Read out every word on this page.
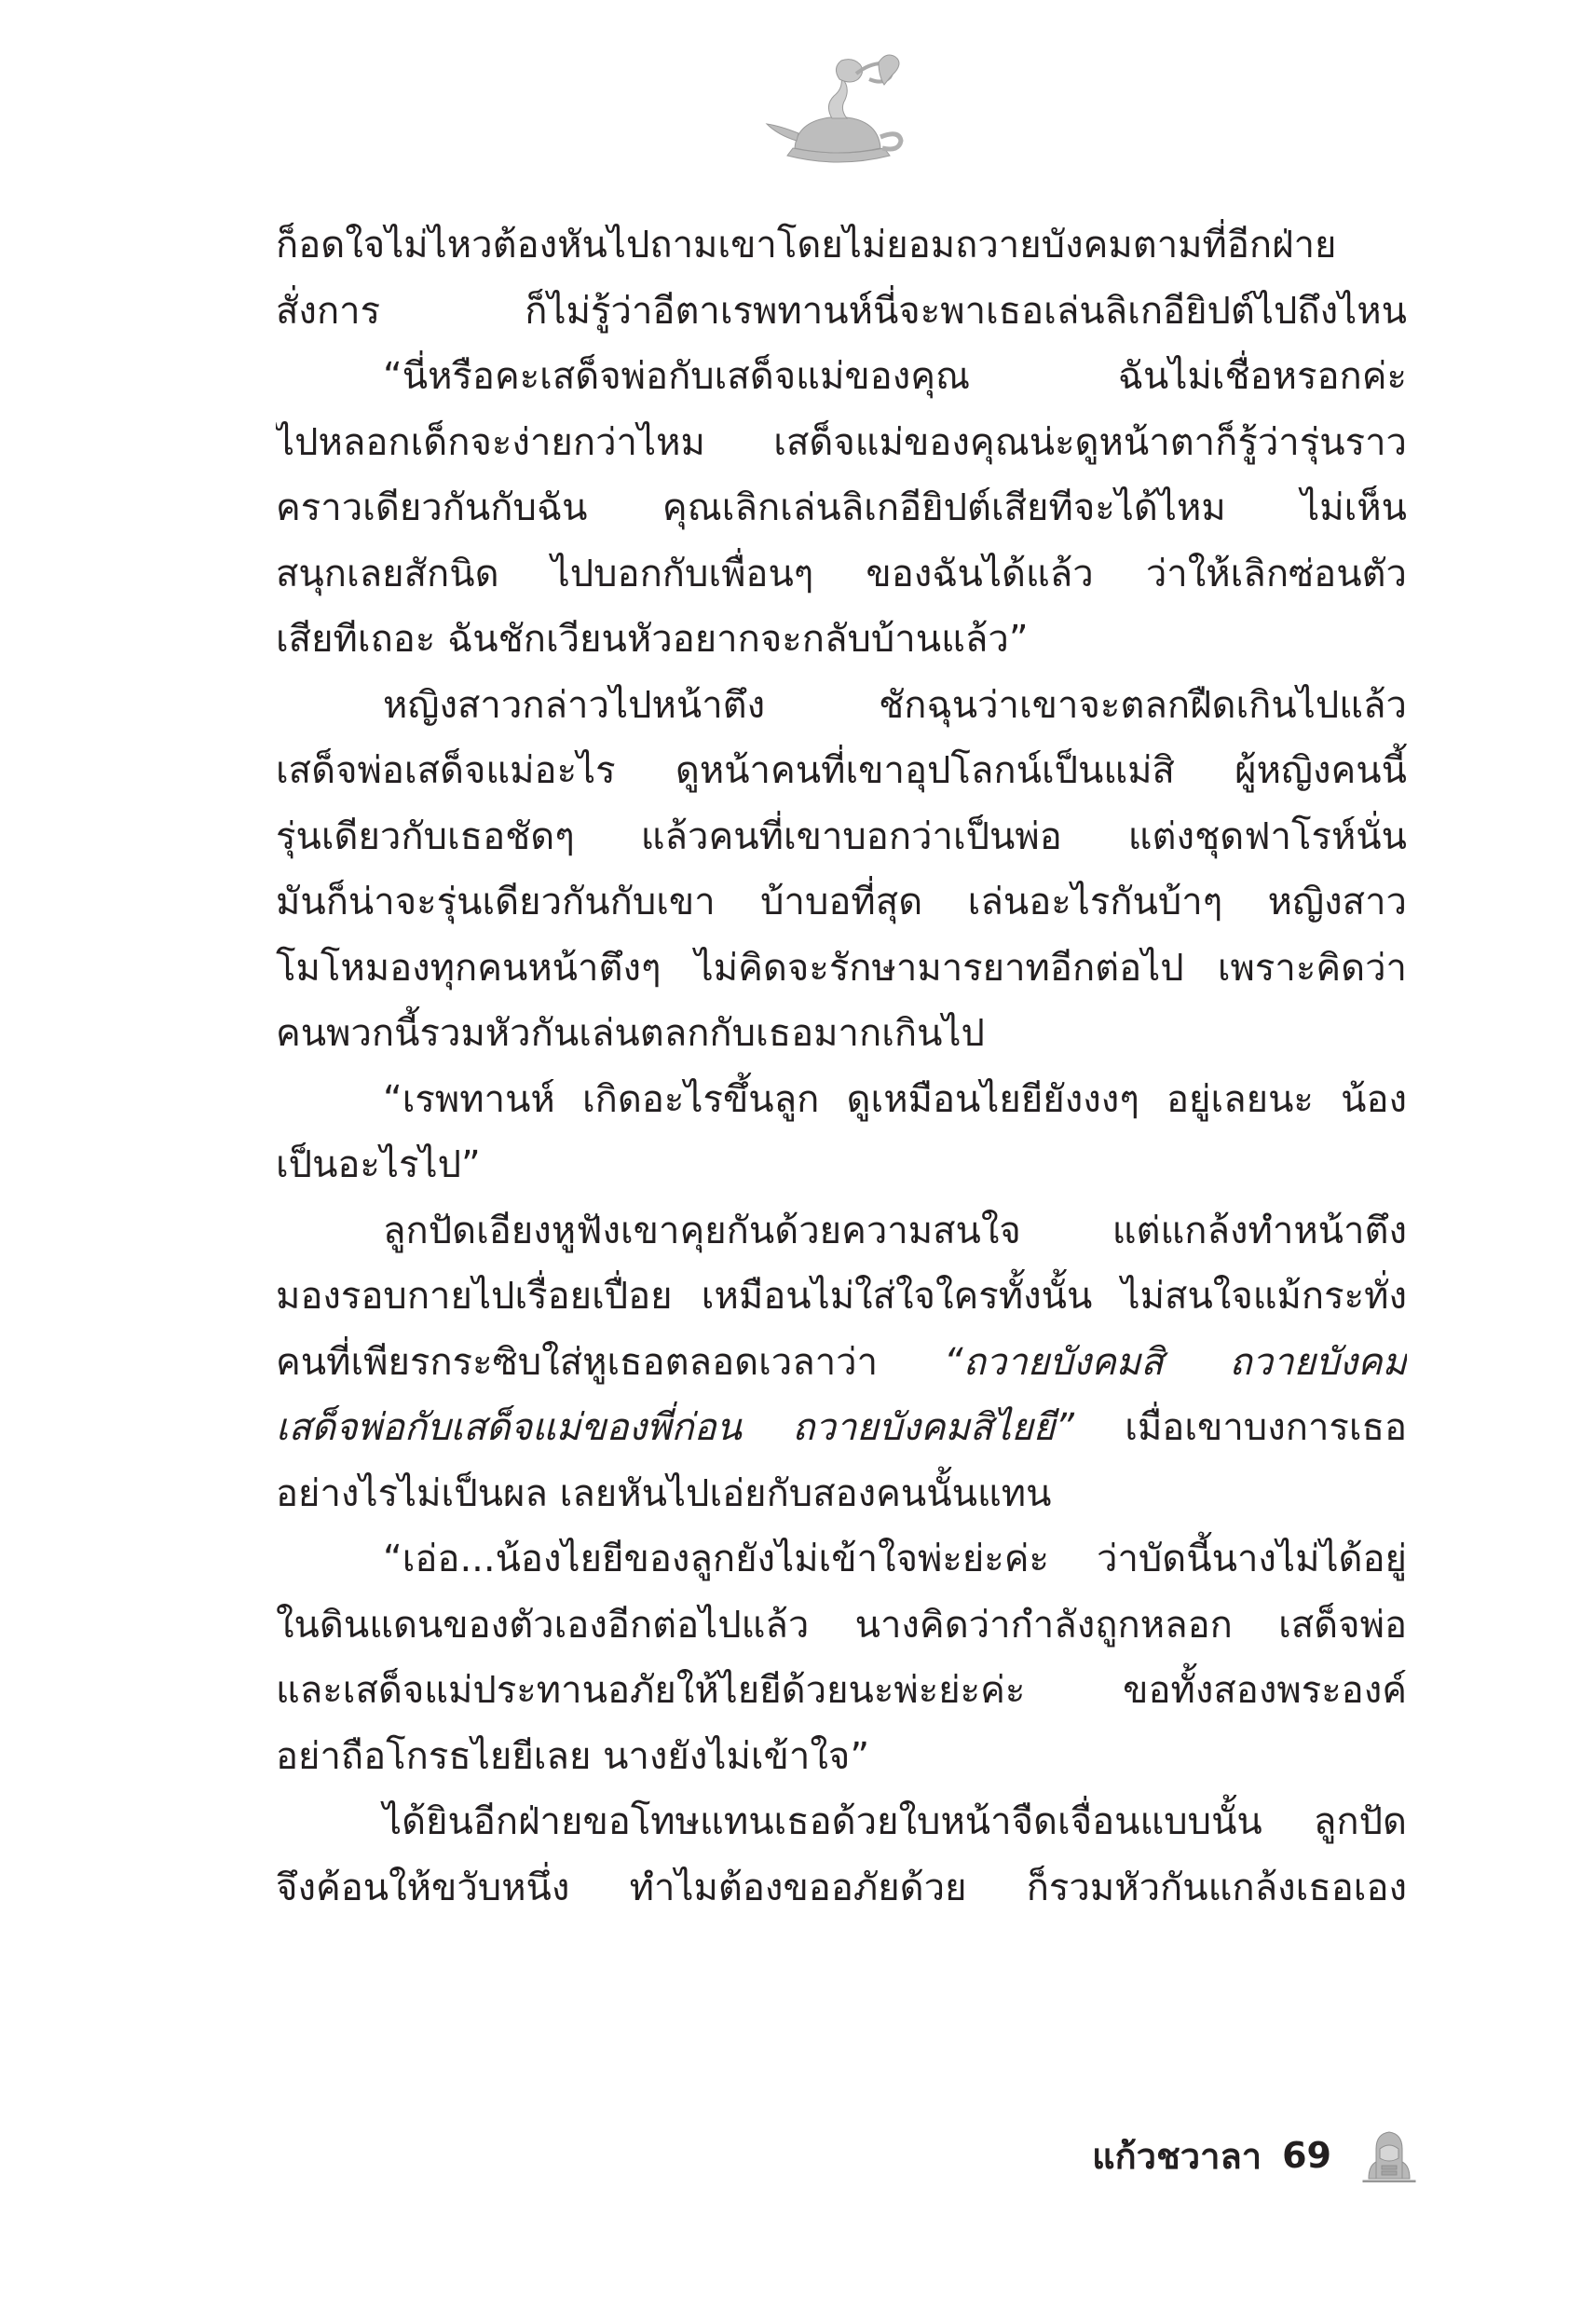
ก็อดใจไม่ไหวต้องหันไปถามเขาโดยไม่ยอมถวายบังคมตามที่อีกฝ่าย
สั่งการ ก็ไม่รู้ว่าอีตาเรพทานห์นี่จะพาเธอเล่นลิเกอียิปต์ไปถึงไหน
“นี่หรือคะเสด็จพ่อกับเสด็จแม่ของคุณ ฉันไม่เชื่อหรอกค่ะ
ไปหลอกเด็กจะง่ายกว่าไหม เสด็จแม่ของคุณน่ะดูหน้าตาก็รู้ว่ารุ่นราว
คราวเดียวกันกับฉัน คุณเลิกเล่นลิเกอียิปต์เสียทีจะได้ไหม ไม่เห็น
สนุกเลยสักนิด ไปบอกกับเพื่อนๆ ของฉันได้แล้ว ว่าให้เลิกซ่อนตัว
เสียทีเถอะ ฉันชักเวียนหัวอยากจะกลับบ้านแล้ว”
หญิงสาวกล่าวไปหน้าตึง ชักฉุนว่าเขาจะตลกฝืดเกินไปแล้ว
เสด็จพ่อเสด็จแม่อะไร ดูหน้าคนที่เขาอุปโลกน์เป็นแม่สิ ผู้หญิงคนนี้
รุ่นเดียวกับเธอชัดๆ แล้วคนที่เขาบอกว่าเป็นพ่อ แต่งชุดฟาโรห์นั่น
มันก็น่าจะรุ่นเดียวกันกับเขา บ้าบอที่สุด เล่นอะไรกันบ้าๆ หญิงสาว
โมโหมองทุกคนหน้าตึงๆ ไม่คิดจะรักษามารยาทอีกต่อไป เพราะคิดว่า
คนพวกนี้รวมหัวกันเล่นตลกกับเธอมากเกินไป
“เรพทานห์ เกิดอะไรขึ้นลูก ดูเหมือนไยยียังงงๆ อยู่เลยนะ น้อง
เป็นอะไรไป”
ลูกปัดเอียงหูฟังเขาคุยกันด้วยความสนใจ แต่แกล้งทำหน้าตึง
มองรอบกายไปเรื่อยเปื่อย เหมือนไม่ใส่ใจใครทั้งนั้น ไม่สนใจแม้กระทั่ง
คนที่เพียรกระซิบใส่หูเธอตลอดเวลาว่า “ถวายบังคมสิ ถวายบังคม
เสด็จพ่อกับเสด็จแม่ของพี่ก่อน ถวายบังคมสิไยยี” เมื่อเขาบงการเธอ
อย่างไรไม่เป็นผล เลยหันไปเอ่ยกับสองคนนั้นแทน
“เอ่อ...น้องไยยีของลูกยังไม่เข้าใจพ่ะย่ะค่ะ ว่าบัดนี้นางไม่ได้อยู่
ในดินแดนของตัวเองอีกต่อไปแล้ว นางคิดว่ากำลังถูกหลอก เสด็จพ่อ
และเสด็จแม่ประทานอภัยให้ไยยีด้วยนะพ่ะย่ะค่ะ ขอทั้งสองพระองค์
อย่าถือโกรธไยยีเลย นางยังไม่เข้าใจ”
ได้ยินอีกฝ่ายขอโทษแทนเธอด้วยใบหน้าจืดเจื่อนแบบนั้น ลูกปัด
จึงค้อนให้ขวับหนึ่ง ทำไมต้องขออภัยด้วย ก็รวมหัวกันแกล้งเธอเอง
แก้วชวาลา 69
